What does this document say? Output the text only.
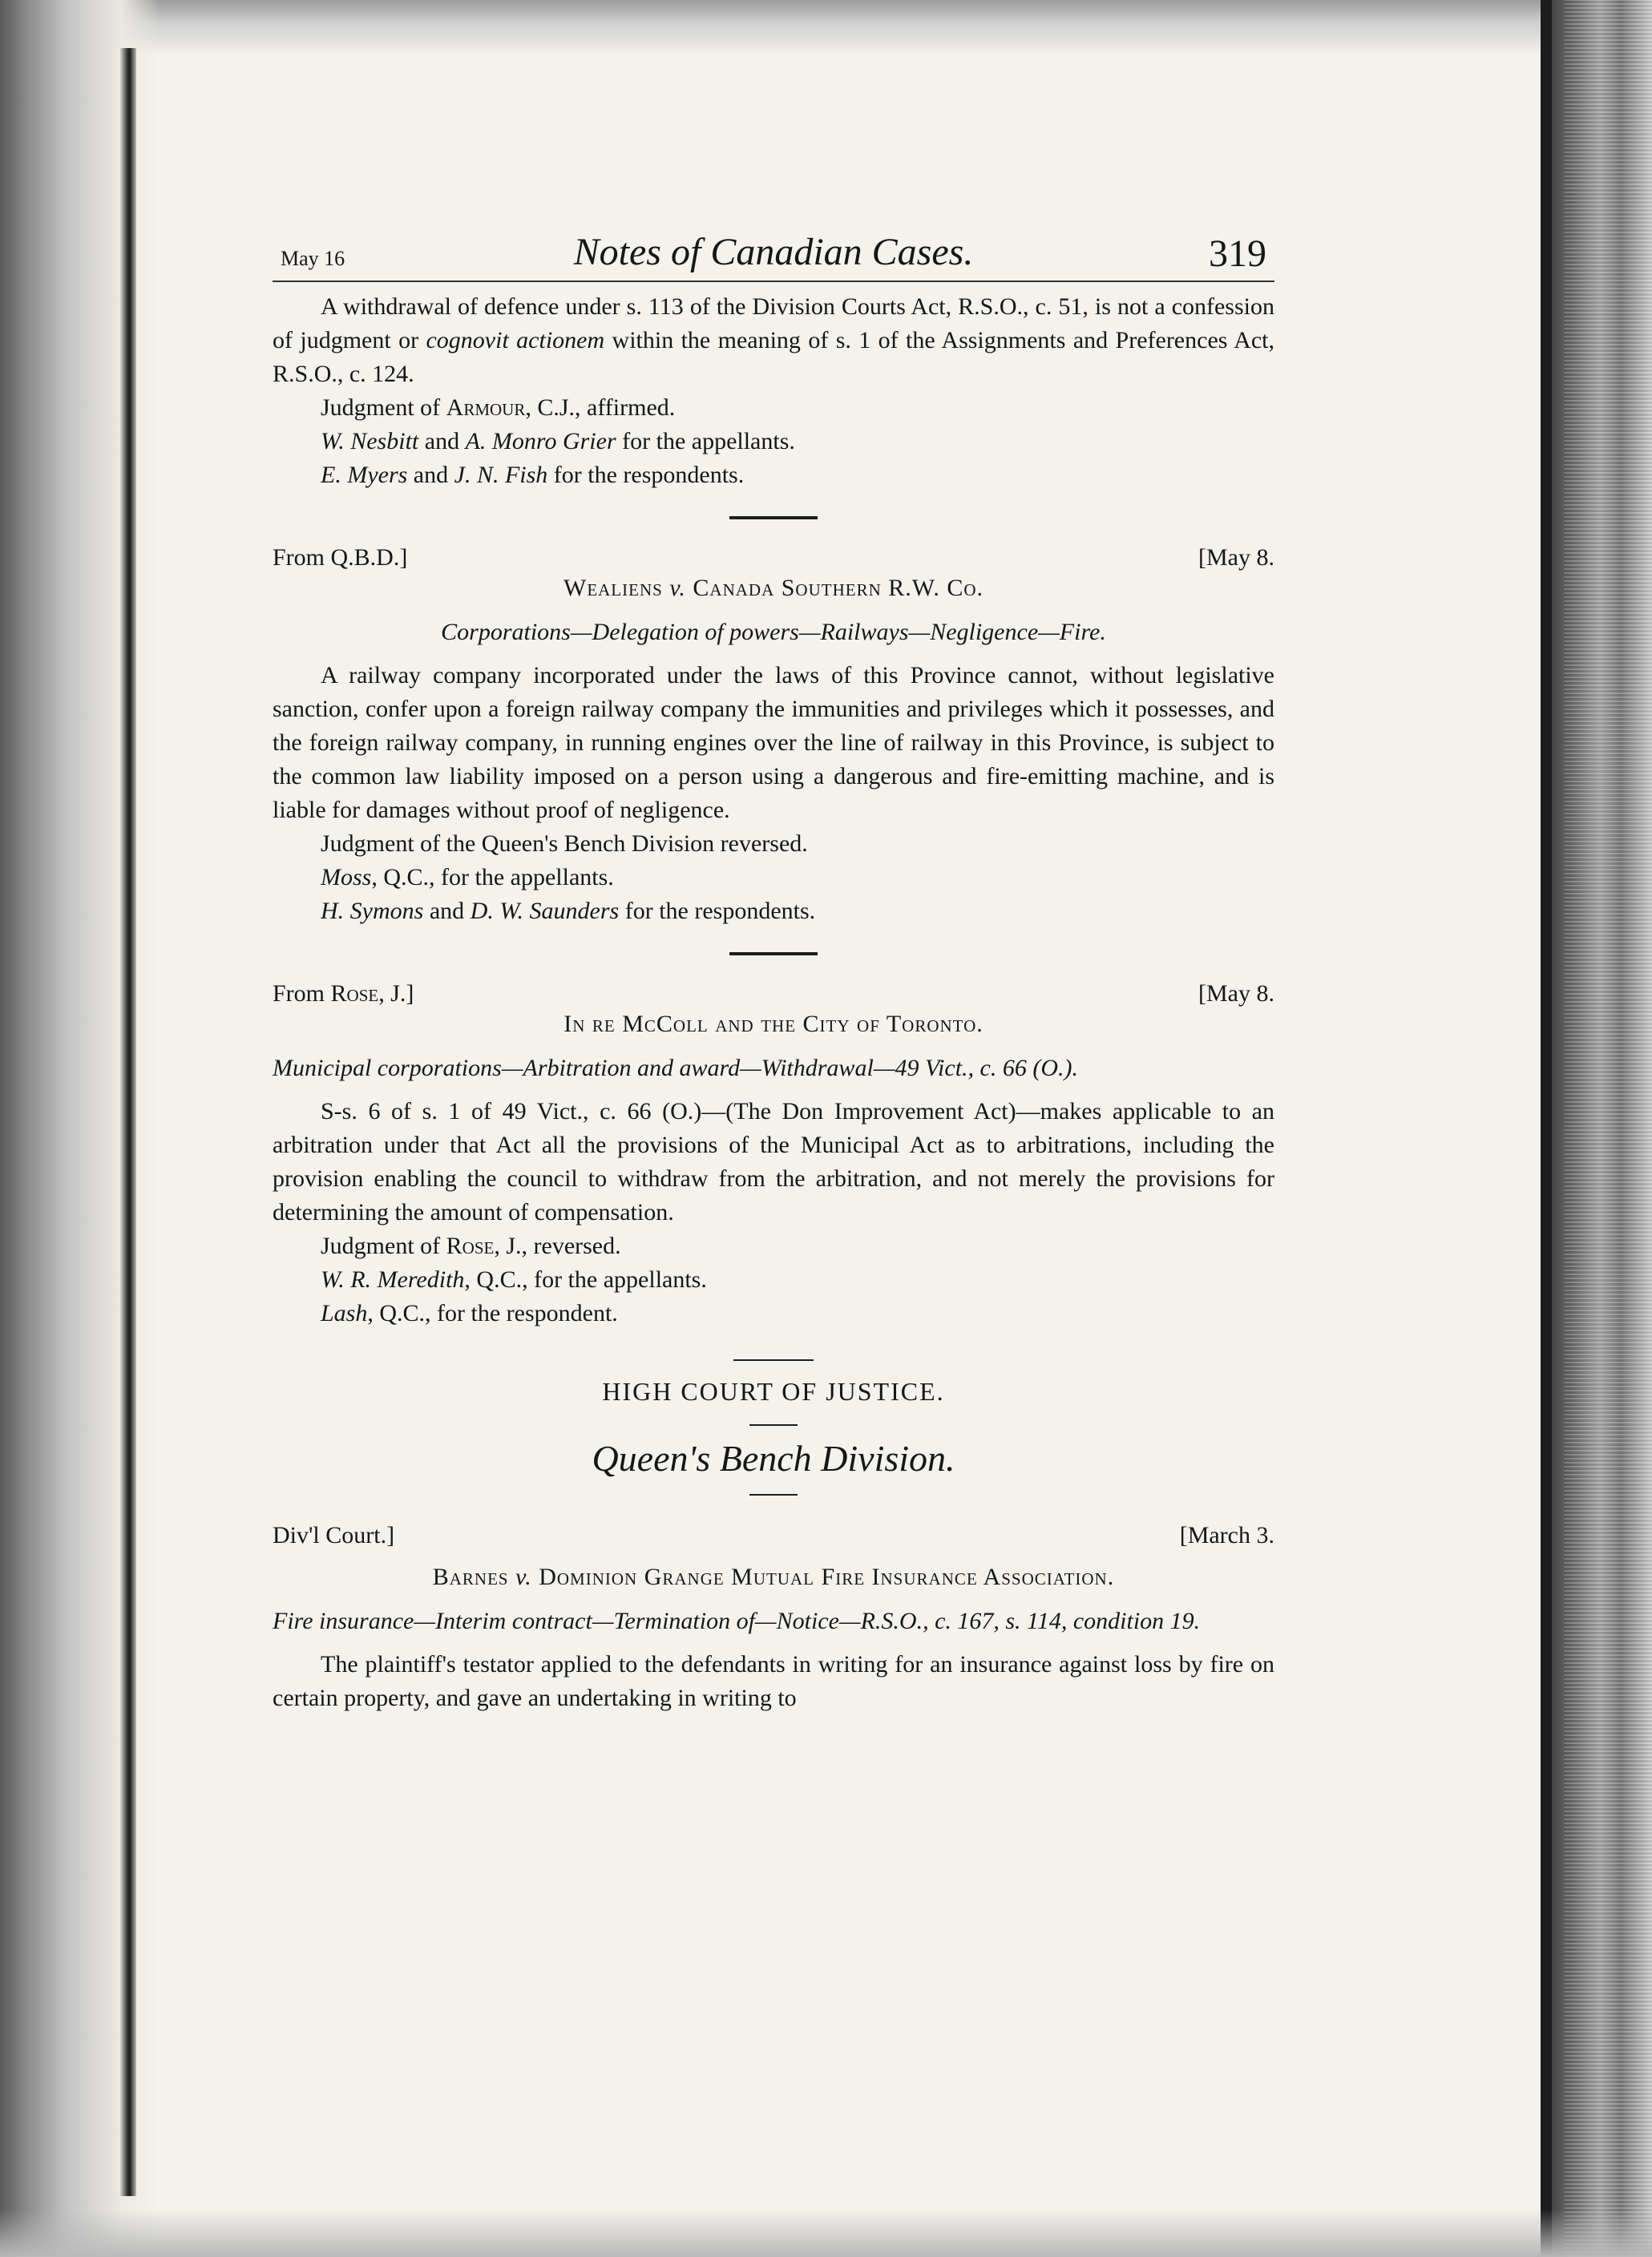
May 16	Notes of Canadian Cases.	319

A withdrawal of defence under s. 113 of the Division Courts Act, R.S.O., c. 51, is not a confession of judgment or cognovit actionem within the meaning of s. 1 of the Assignments and Preferences Act, R.S.O., c. 124.

Judgment of Armour, C.J., affirmed.

W. Nesbitt and A. Monro Grier for the appellants.

E. Myers and J. N. Fish for the respondents.

From Q.B.D.]	[May 8.
Wealiens v. Canada Southern R.W. Co.

Corporations—Delegation of powers—Railways—Negligence—Fire.

A railway company incorporated under the laws of this Province cannot, without legislative sanction, confer upon a foreign railway company the immunities and privileges which it possesses, and the foreign railway company, in running engines over the line of railway in this Province, is subject to the common law liability imposed on a person using a dangerous and fire-emitting machine, and is liable for damages without proof of negligence.

Judgment of the Queen's Bench Division reversed.

Moss, Q.C., for the appellants.

H. Symons and D. W. Saunders for the respondents.

From Rose, J.]	[May 8.
In re McColl and the City of Toronto.

Municipal corporations—Arbitration and award—Withdrawal—49 Vict., c. 66 (O.).

S-s. 6 of s. 1 of 49 Vict., c. 66 (O.)—(The Don Improvement Act)—makes applicable to an arbitration under that Act all the provisions of the Municipal Act as to arbitrations, including the provision enabling the council to withdraw from the arbitration, and not merely the provisions for determining the amount of compensation.

Judgment of Rose, J., reversed.

W. R. Meredith, Q.C., for the appellants.

Lash, Q.C., for the respondent.

HIGH COURT OF JUSTICE.

Queen's Bench Division.

Div'l Court.]	[March 3.
Barnes v. Dominion Grange Mutual Fire Insurance Association.

Fire insurance—Interim contract—Termination of—Notice—R.S.O., c. 167, s. 114, condition 19.

The plaintiff's testator applied to the defendants in writing for an insurance against loss by fire on certain property, and gave an undertaking in writing to
